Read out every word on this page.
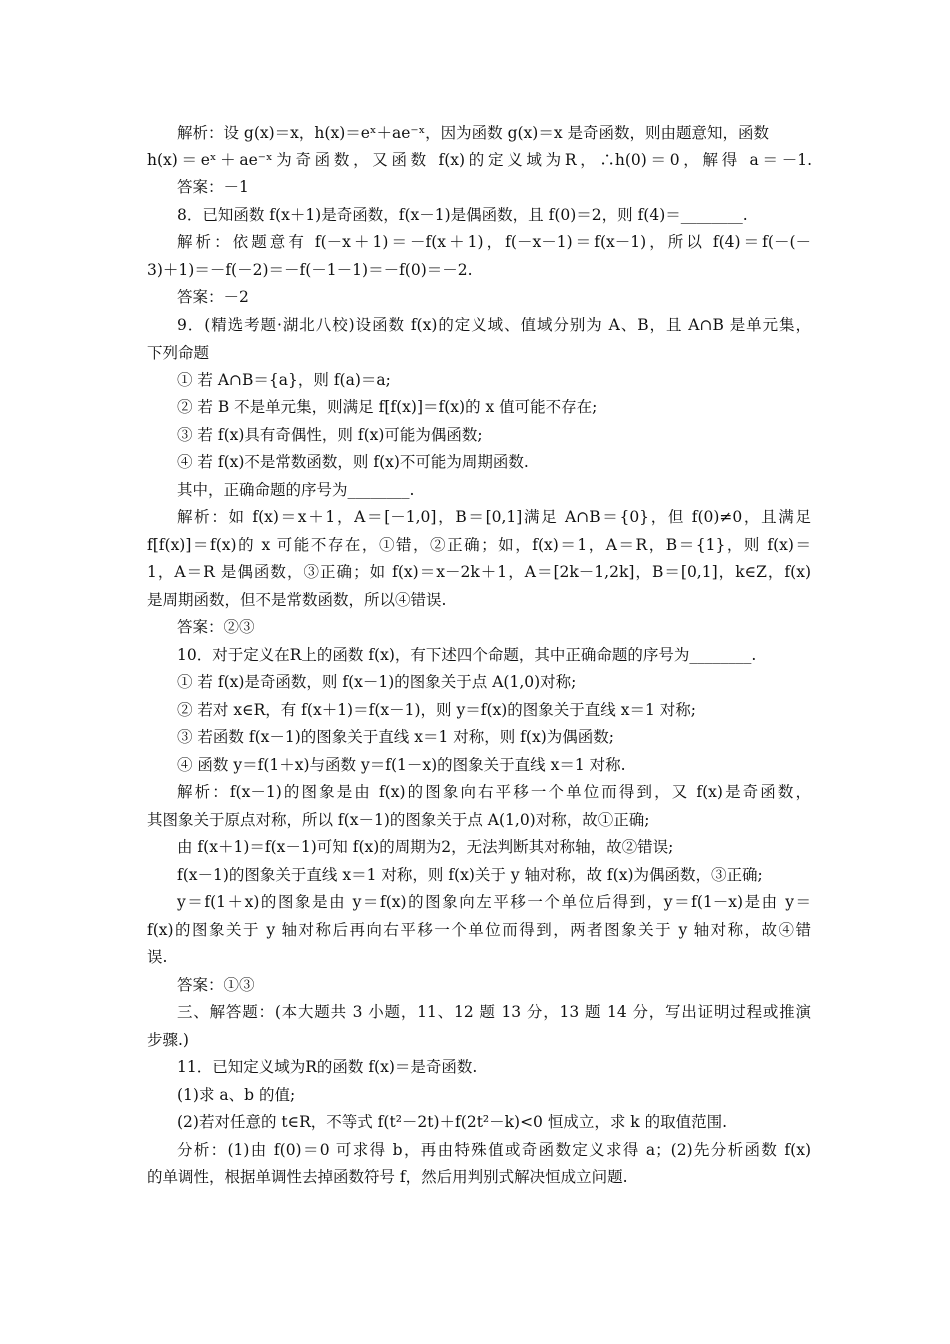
解析：设 g(x)＝x，h(x)＝eˣ＋ae⁻ˣ，因为函数 g(x)＝x 是奇函数，则由题意知，函数
h(x)＝eˣ＋ae⁻ˣ为奇函数，又函数 f(x)的定义域为R，∴h(0)＝0，解得 a＝－1.
答案：－1
8．已知函数 f(x＋1)是奇函数，f(x－1)是偶函数，且 f(0)＝2，则 f(4)＝________.
解析：依题意有 f(－x＋1)＝－f(x＋1)，f(－x－1)＝f(x－1)，所以 f(4)＝f(－(－
3)＋1)＝－f(－2)＝－f(－1－1)＝－f(0)＝－2.
答案：－2
9．(精选考题·湖北八校)设函数 f(x)的定义域、值域分别为 A、B，且 A∩B 是单元集，
下列命题
① 若 A∩B＝{a}，则 f(a)＝a;
② 若 B 不是单元集，则满足 f[f(x)]＝f(x)的 x 值可能不存在;
③ 若 f(x)具有奇偶性，则 f(x)可能为偶函数;
④ 若 f(x)不是常数函数，则 f(x)不可能为周期函数.
其中，正确命题的序号为________.
解析：如 f(x)＝x＋1，A＝[－1,0]，B＝[0,1]满足 A∩B＝{0}，但 f(0)≠0，且满足
f[f(x)]＝f(x)的 x 可能不存在，①错，②正确；如，f(x)＝1，A＝R，B＝{1}，则 f(x)＝
1，A＝R 是偶函数，③正确；如 f(x)＝x－2k＋1，A＝[2k－1,2k]，B＝[0,1]，k∈Z，f(x)
是周期函数，但不是常数函数，所以④错误.
答案：②③
10．对于定义在R上的函数 f(x)，有下述四个命题，其中正确命题的序号为________.
① 若 f(x)是奇函数，则 f(x－1)的图象关于点 A(1,0)对称;
② 若对 x∈R，有 f(x＋1)＝f(x－1)，则 y＝f(x)的图象关于直线 x＝1 对称;
③ 若函数 f(x－1)的图象关于直线 x＝1 对称，则 f(x)为偶函数;
④ 函数 y＝f(1＋x)与函数 y＝f(1－x)的图象关于直线 x＝1 对称.
解析：f(x－1)的图象是由 f(x)的图象向右平移一个单位而得到，又 f(x)是奇函数，
其图象关于原点对称，所以 f(x－1)的图象关于点 A(1,0)对称，故①正确;
由 f(x＋1)＝f(x－1)可知 f(x)的周期为2，无法判断其对称轴，故②错误;
f(x－1)的图象关于直线 x＝1 对称，则 f(x)关于 y 轴对称，故 f(x)为偶函数，③正确;
y＝f(1＋x)的图象是由 y＝f(x)的图象向左平移一个单位后得到，y＝f(1－x)是由 y＝
f(x)的图象关于 y 轴对称后再向右平移一个单位而得到，两者图象关于 y 轴对称，故④错
误.
答案：①③
三、解答题：(本大题共 3 小题，11、12 题 13 分，13 题 14 分，写出证明过程或推演
步骤.)
11．已知定义域为R的函数 f(x)＝是奇函数.
(1)求 a、b 的值;
(2)若对任意的 t∈R，不等式 f(t²－2t)＋f(2t²－k)<0 恒成立，求 k 的取值范围.
分析：(1)由 f(0)＝0 可求得 b，再由特殊值或奇函数定义求得 a；(2)先分析函数 f(x)
的单调性，根据单调性去掉函数符号 f，然后用判别式解决恒成立问题.
